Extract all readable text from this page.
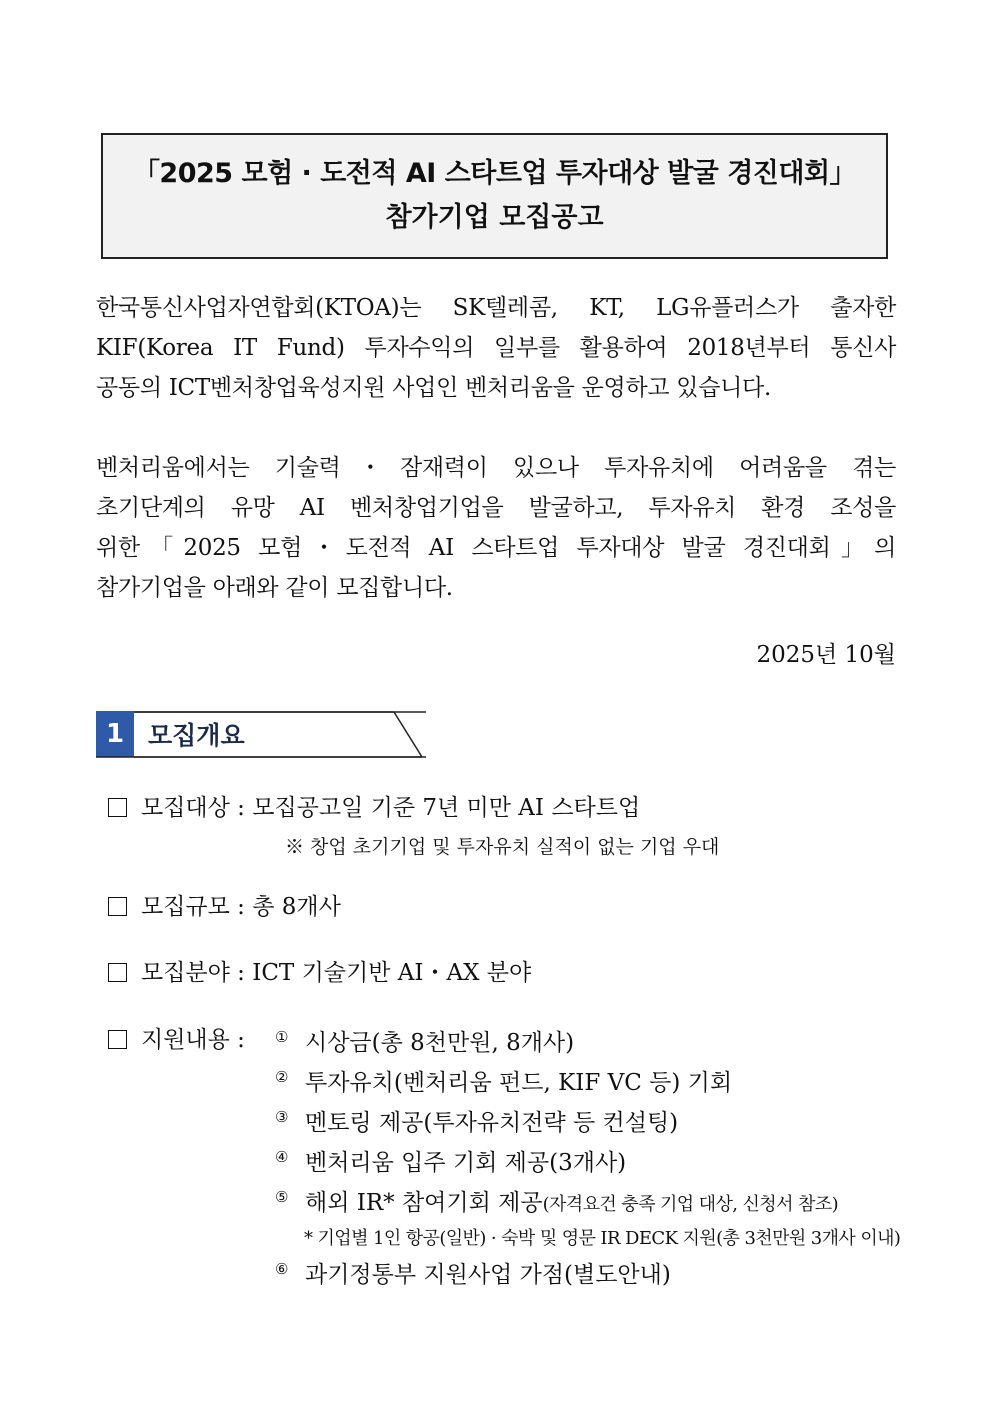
「2025 모험 · 도전적 AI 스타트업 투자대상 발굴 경진대회」
참가기업 모집공고
한국통신사업자연합회(KTOA)는 SK텔레콤, KT, LG유플러스가 출자한
KIF(Korea IT Fund) 투자수익의 일부를 활용하여 2018년부터 통신사
공동의 ICT벤처창업육성지원 사업인 벤처리움을 운영하고 있습니다.
벤처리움에서는 기술력・잠재력이 있으나 투자유치에 어려움을 겪는
초기단계의 유망 AI 벤처창업기업을 발굴하고, 투자유치 환경 조성을
위한「2025 모험・도전적 AI 스타트업 투자대상 발굴 경진대회」의
참가기업을 아래와 같이 모집합니다.
2025년 10월
1 모집개요
모집대상 : 모집공고일 기준 7년 미만 AI 스타트업
※ 창업 초기기업 및 투자유치 실적이 없는 기업 우대
모집규모 : 총 8개사
모집분야 : ICT 기술기반 AI・AX 분야
지원내용 : ① 시상금(총 8천만원, 8개사)
② 투자유치(벤처리움 펀드, KIF VC 등) 기회
③ 멘토링 제공(투자유치전략 등 컨설팅)
④ 벤처리움 입주 기회 제공(3개사)
⑤ 해외 IR* 참여기회 제공(자격요건 충족 기업 대상, 신청서 참조)
* 기업별 1인 항공(일반) · 숙박 및 영문 IR DECK 지원(총 3천만원 3개사 이내)
⑥ 과기정통부 지원사업 가점(별도안내)
